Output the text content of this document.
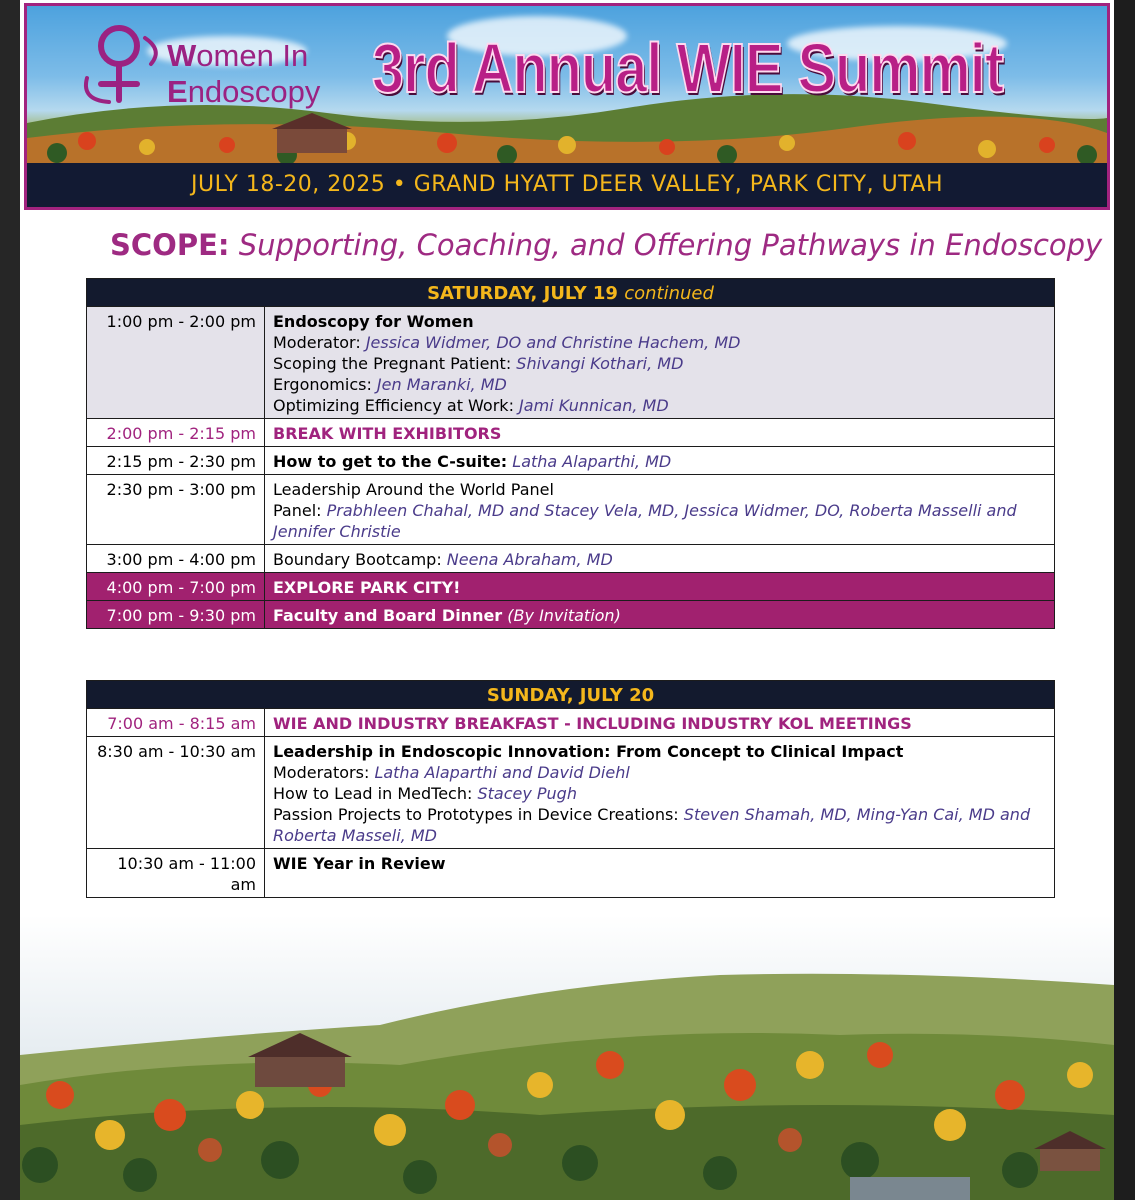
Women In
Endoscopy 3rd Annual WIE Summit
JULY 18-20, 2025 • GRAND HYATT DEER VALLEY, PARK CITY, UTAH
SCOPE: Supporting, Coaching, and Offering Pathways in Endoscopy
SATURDAY, JULY 19 continued	
1:00 pm - 2:00 pm	Endoscopy for Women
Moderator: Jessica Widmer, DO and Christine Hachem, MD
Scoping the Pregnant Patient: Shivangi Kothari, MD
Ergonomics: Jen Maranki, MD
Optimizing Efficiency at Work: Jami Kunnican, MD
2:00 pm - 2:15 pm	BREAK WITH EXHIBITORS
2:15 pm - 2:30 pm	How to get to the C-suite: Latha Alaparthi, MD
2:30 pm - 3:00 pm	Leadership Around the World Panel
Panel: Prabhleen Chahal, MD and Stacey Vela, MD, Jessica Widmer, DO, Roberta Masselli and Jennifer Christie
3:00 pm - 4:00 pm	Boundary Bootcamp: Neena Abraham, MD
4:00 pm - 7:00 pm	EXPLORE PARK CITY!
7:00 pm - 9:30 pm	Faculty and Board Dinner (By Invitation)
SUNDAY, JULY 20	
7:00 am - 8:15 am	WIE AND INDUSTRY BREAKFAST - INCLUDING INDUSTRY KOL MEETINGS
8:30 am - 10:30 am	Leadership in Endoscopic Innovation: From Concept to Clinical Impact
Moderators: Latha Alaparthi and David Diehl
How to Lead in MedTech: Stacey Pugh
Passion Projects to Prototypes in Device Creations: Steven Shamah, MD, Ming-Yan Cai, MD and Roberta Masseli, MD
10:30 am - 11:00 am	WIE Year in Review
